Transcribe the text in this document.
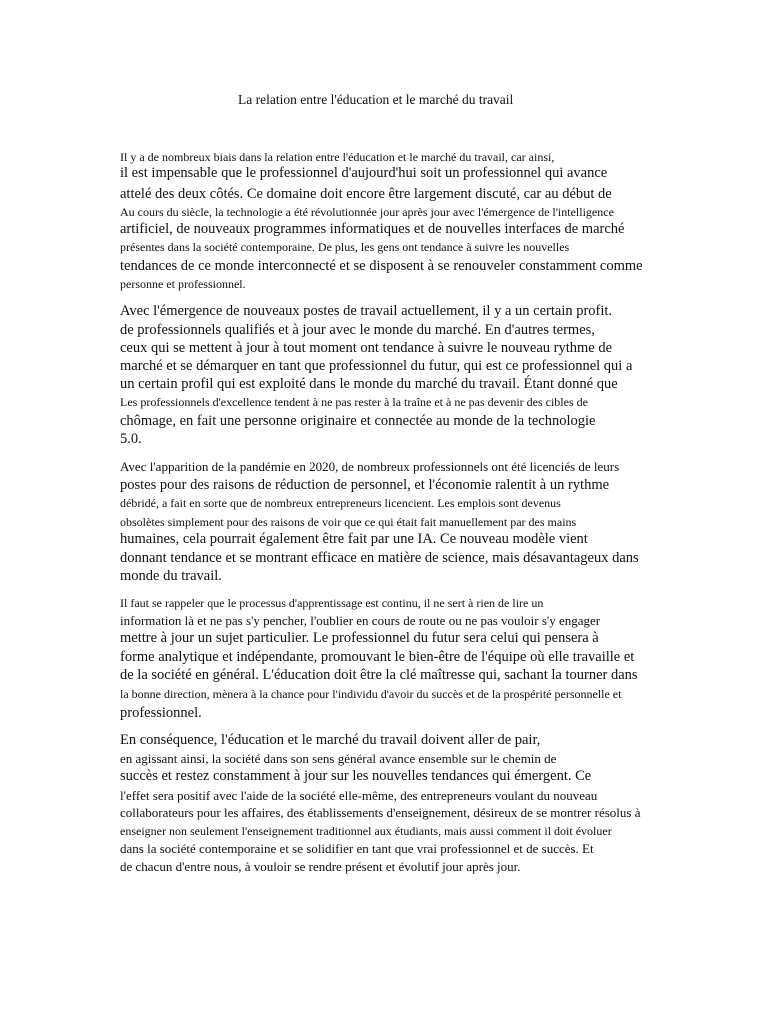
La relation entre l'éducation et le marché du travail
Il y a de nombreux biais dans la relation entre l'éducation et le marché du travail, car ainsi,
il est impensable que le professionnel d'aujourd'hui soit un professionnel qui avance
attelé des deux côtés. Ce domaine doit encore être largement discuté, car au début de
Au cours du siècle, la technologie a été révolutionnée jour après jour avec l'émergence de l'intelligence
artificiel, de nouveaux programmes informatiques et de nouvelles interfaces de marché
présentes dans la société contemporaine. De plus, les gens ont tendance à suivre les nouvelles
tendances de ce monde interconnecté et se disposent à se renouveler constamment comme
personne et professionnel.
Avec l'émergence de nouveaux postes de travail actuellement, il y a un certain profit.
de professionnels qualifiés et à jour avec le monde du marché. En d'autres termes,
ceux qui se mettent à jour à tout moment ont tendance à suivre le nouveau rythme de
marché et se démarquer en tant que professionnel du futur, qui est ce professionnel qui a
un certain profil qui est exploité dans le monde du marché du travail. Étant donné que
Les professionnels d'excellence tendent à ne pas rester à la traîne et à ne pas devenir des cibles de
chômage, en fait une personne originaire et connectée au monde de la technologie
5.0.
Avec l'apparition de la pandémie en 2020, de nombreux professionnels ont été licenciés de leurs
postes pour des raisons de réduction de personnel, et l'économie ralentit à un rythme
débridé, a fait en sorte que de nombreux entrepreneurs licencient. Les emplois sont devenus
obsolètes simplement pour des raisons de voir que ce qui était fait manuellement par des mains
humaines, cela pourrait également être fait par une IA. Ce nouveau modèle vient
donnant tendance et se montrant efficace en matière de science, mais désavantageux dans
monde du travail.
Il faut se rappeler que le processus d'apprentissage est continu, il ne sert à rien de lire un
information là et ne pas s'y pencher, l'oublier en cours de route ou ne pas vouloir s'y engager
mettre à jour un sujet particulier. Le professionnel du futur sera celui qui pensera à
forme analytique et indépendante, promouvant le bien-être de l'équipe où elle travaille et
de la société en général. L'éducation doit être la clé maîtresse qui, sachant la tourner dans
la bonne direction, mènera à la chance pour l'individu d'avoir du succès et de la prospérité personnelle et
professionnel.
En conséquence, l'éducation et le marché du travail doivent aller de pair,
en agissant ainsi, la société dans son sens général avance ensemble sur le chemin de
succès et restez constamment à jour sur les nouvelles tendances qui émergent. Ce
l'effet sera positif avec l'aide de la société elle-même, des entrepreneurs voulant du nouveau
collaborateurs pour les affaires, des établissements d'enseignement, désireux de se montrer résolus à
enseigner non seulement l'enseignement traditionnel aux étudiants, mais aussi comment il doit évoluer
dans la société contemporaine et se solidifier en tant que vrai professionnel et de succès. Et
de chacun d'entre nous, à vouloir se rendre présent et évolutif jour après jour.
